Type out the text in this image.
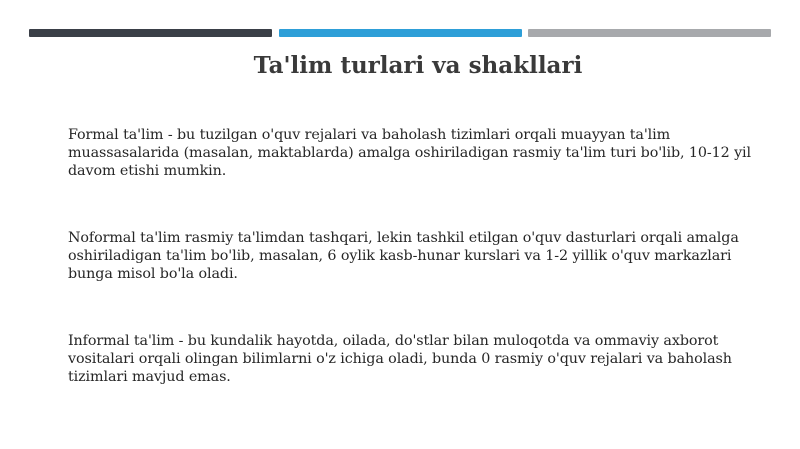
Ta'lim turlari va shakllari
Formal ta'lim - bu tuzilgan o'quv rejalari va baholash tizimlari orqali muayyan ta'lim muassasalarida (masalan, maktablarda) amalga oshiriladigan rasmiy ta'lim turi bo'lib, 10-12 yil davom etishi mumkin.
Noformal ta'lim rasmiy ta'limdan tashqari, lekin tashkil etilgan o'quv dasturlari orqali amalga oshiriladigan ta'lim bo'lib, masalan, 6 oylik kasb-hunar kurslari va 1-2 yillik o'quv markazlari bunga misol bo'la oladi.
Informal ta'lim - bu kundalik hayotda, oilada, do'stlar bilan muloqotda va ommaviy axborot vositalari orqali olingan bilimlarni o'z ichiga oladi, bunda 0 rasmiy o'quv rejalari va baholash tizimlari mavjud emas.
